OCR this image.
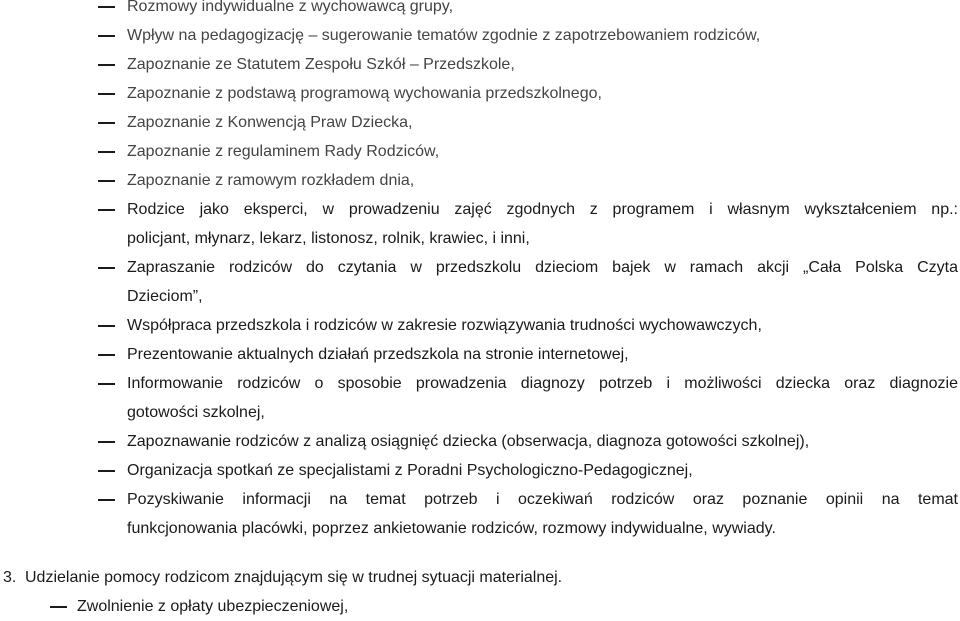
Rozmowy indywidualne z wychowawcą grupy,
Wpływ na pedagogizację – sugerowanie tematów zgodnie z zapotrzebowaniem rodziców,
Zapoznanie ze Statutem Zespołu Szkół – Przedszkole,
Zapoznanie z podstawą programową wychowania przedszkolnego,
Zapoznanie z Konwencją Praw Dziecka,
Zapoznanie z regulaminem Rady Rodziców,
Zapoznanie z ramowym rozkładem dnia,
Rodzice jako eksperci, w prowadzeniu zajęć zgodnych z programem i własnym wykształceniem np.:
policjant, młynarz, lekarz, listonosz, rolnik, krawiec, i inni,
Zapraszanie rodziców do czytania w przedszkolu dzieciom bajek w ramach akcji „Cała Polska Czyta
Dzieciom”,
Współpraca przedszkola i rodziców w zakresie rozwiązywania trudności wychowawczych,
Prezentowanie aktualnych działań przedszkola na stronie internetowej,
Informowanie rodziców o sposobie prowadzenia diagnozy potrzeb i możliwości dziecka oraz diagnozie
gotowości szkolnej,
Zapoznawanie rodziców z analizą osiągnięć dziecka (obserwacja, diagnoza gotowości szkolnej),
Organizacja spotkań ze specjalistami z Poradni Psychologiczno-Pedagogicznej,
Pozyskiwanie informacji na temat potrzeb i oczekiwań rodziców oraz poznanie opinii na temat
funkcjonowania placówki, poprzez ankietowanie rodziców, rozmowy indywidualne, wywiady.
3. Udzielanie pomocy rodzicom znajdującym się w trudnej sytuacji materialnej.
Zwolnienie z opłaty ubezpieczeniowej,
